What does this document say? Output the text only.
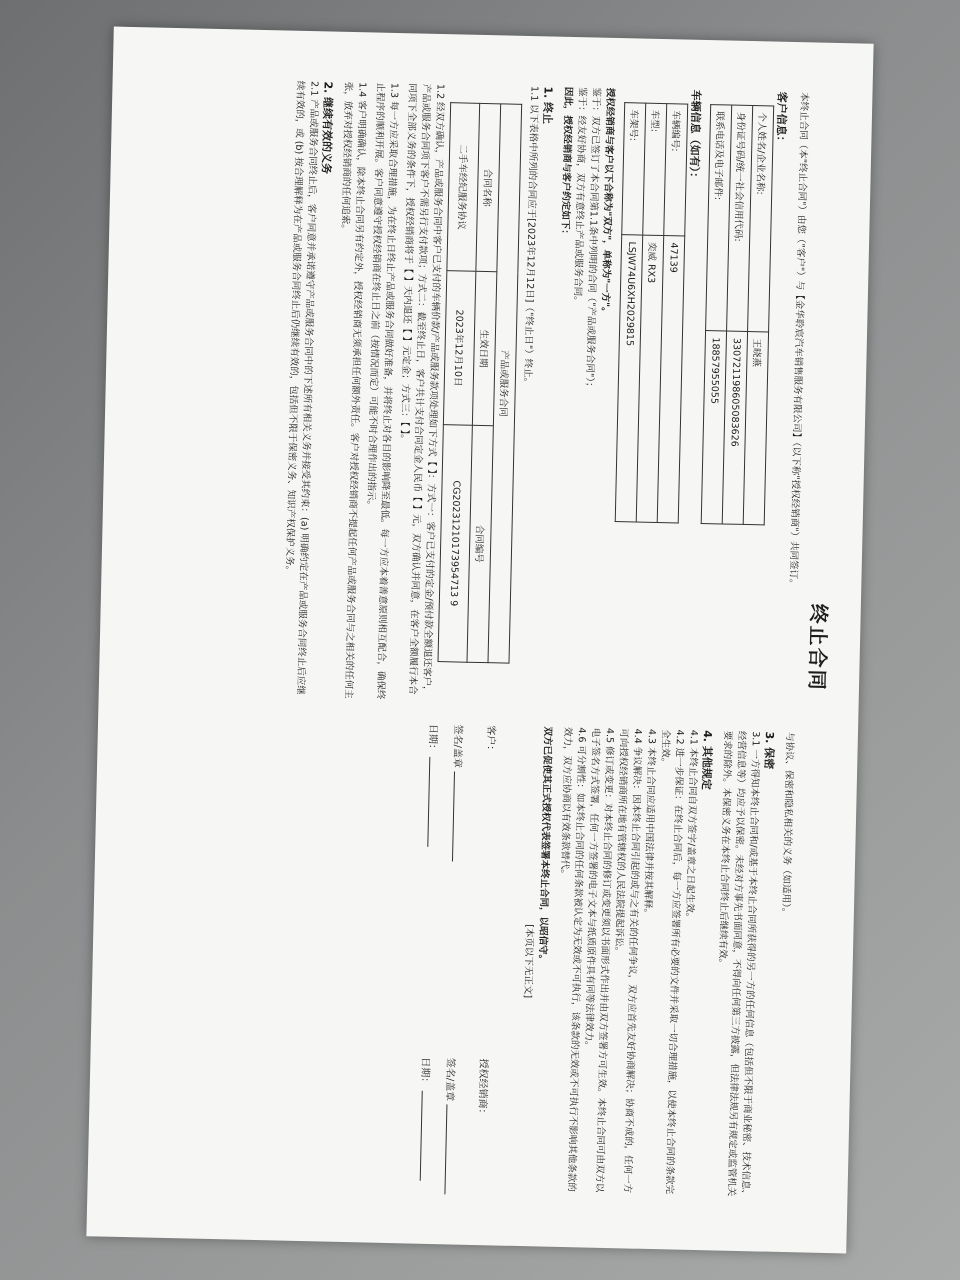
终止合同

本终止合同（本"终止合同"）由您（"客户"）与【金华聆宸汽车销售服务有限公司】（以下称"授权经销商"）共同签订。

客户信息：

个人姓名/企业名称:	王晓燕
身份证号码/统一社会信用代码:	330721198605083626
联系电话及电子邮件:	18857955055

车辆信息（如有）：

车辆编号:	47139
车型:	奕威 RX3
车架号:	LSJW74U6XH2029815

授权经销商与客户以下合称为"双方"，单称为"一方"。

鉴于：双方已签订了本合同第1.1条中列明的合同（"产品或服务合同"）；

鉴于：经友好协商，双方有意终止产品或服务合同。

因此，授权经销商与客户约定如下：

1. 终止

1.1 以下表格中所列的合同应于[2023年12月12日]（"终止日"）终止。

产品或服务合同		
合同名称	生效日期	合同编号
二手车经纪服务协议	2023年12月10日	CG20231210173954713 9

1.2 经双方确认，产品或服务合同中客户已支付的车辆价款/产品或服务款项处理如下方式【 】：方式一：客户已支付的定金/预付款全额退还客户，产品或服务合同项下客户不需另行支付款项；方式二：截至终止日，客户共计支付合同定金人民币【 】元，双方确认并同意，在客户全额履行本合同项下全部义务的条件下，授权经销商将于【 】天内退还【 】元定金；方式三：【 】。

1.3 每一方应采取合理措施，为在终止日终止产品或服务合同做好准备，并将终止对各目的影响降至最低。每一方应本着善意原则相互配合，确保终止程序的顺利开展。客户同意遵守授权经销商在终止日之前（按情况而定）可能不时合理作出的指示。

1.4 客户明确确认，除本终止合同另有约定外，授权经销商无须承担任何额外责任。客户对授权经销商不提起任何产品或服务合同与之相关的任何主张，放弃对授权经销商的任何追索。

2. 继续有效的义务

2.1 产品或服务合同终止后，客户同意并承诺遵守产品或服务合同中的下述所有相关义务并接受其约束：(a) 明确约定在产品或服务合同终止后应继续有效的，或 (b) 按合理解释为在产品或服务合同终止后仍继续有效的，包括但不限于保密义务、知识产权保护义务。

与协议、保密和隐私相关的义务（如适用）。

3. 保密

3.1 一方得知本终止合同和/或基于本终止合同所获得的另一方的任何信息（包括但不限于商业秘密、技术信息、经营信息等）均应予以保密。未经对方事先书面同意，不得向任何第三方披露，但法律法规另有规定或监管机关要求的除外。本保密义务在本终止合同终止后继续有效。

4. 其他规定

4.1 本终止合同自双方签字/盖章之日起生效。

4.2 进一步保证：在终止合同后，每一方应签署所有必要的文件并采取一切合理措施，以使本终止合同的条款完全生效。

4.3 本终止合同应适用中国法律并按其解释。

4.4 争议解决：因本终止合同引起的或与之有关的任何争议，双方应首先友好协商解决；协商不成的，任何一方可向授权经销商所在地有管辖权的人民法院提起诉讼。

4.5 修订或变更：对本终止合同的修订或变更须以书面形式作出并由双方签署方可生效。本终止合同可由双方以电子签名方式签署，任何一方签署的电子文本与纸质原件具有同等法律效力。

4.6 可分割性：如本终止合同的任何条款被认定为无效或不可执行，该条款的无效或不可执行不影响其他条款的效力，双方应协商以有效条款替代。

双方已促使其正式授权代表签署本终止合同，以昭信守。

[本页以下无正文]

客户：
签名/盖章
日期：
授权经销商：
签名/盖章
日期：
